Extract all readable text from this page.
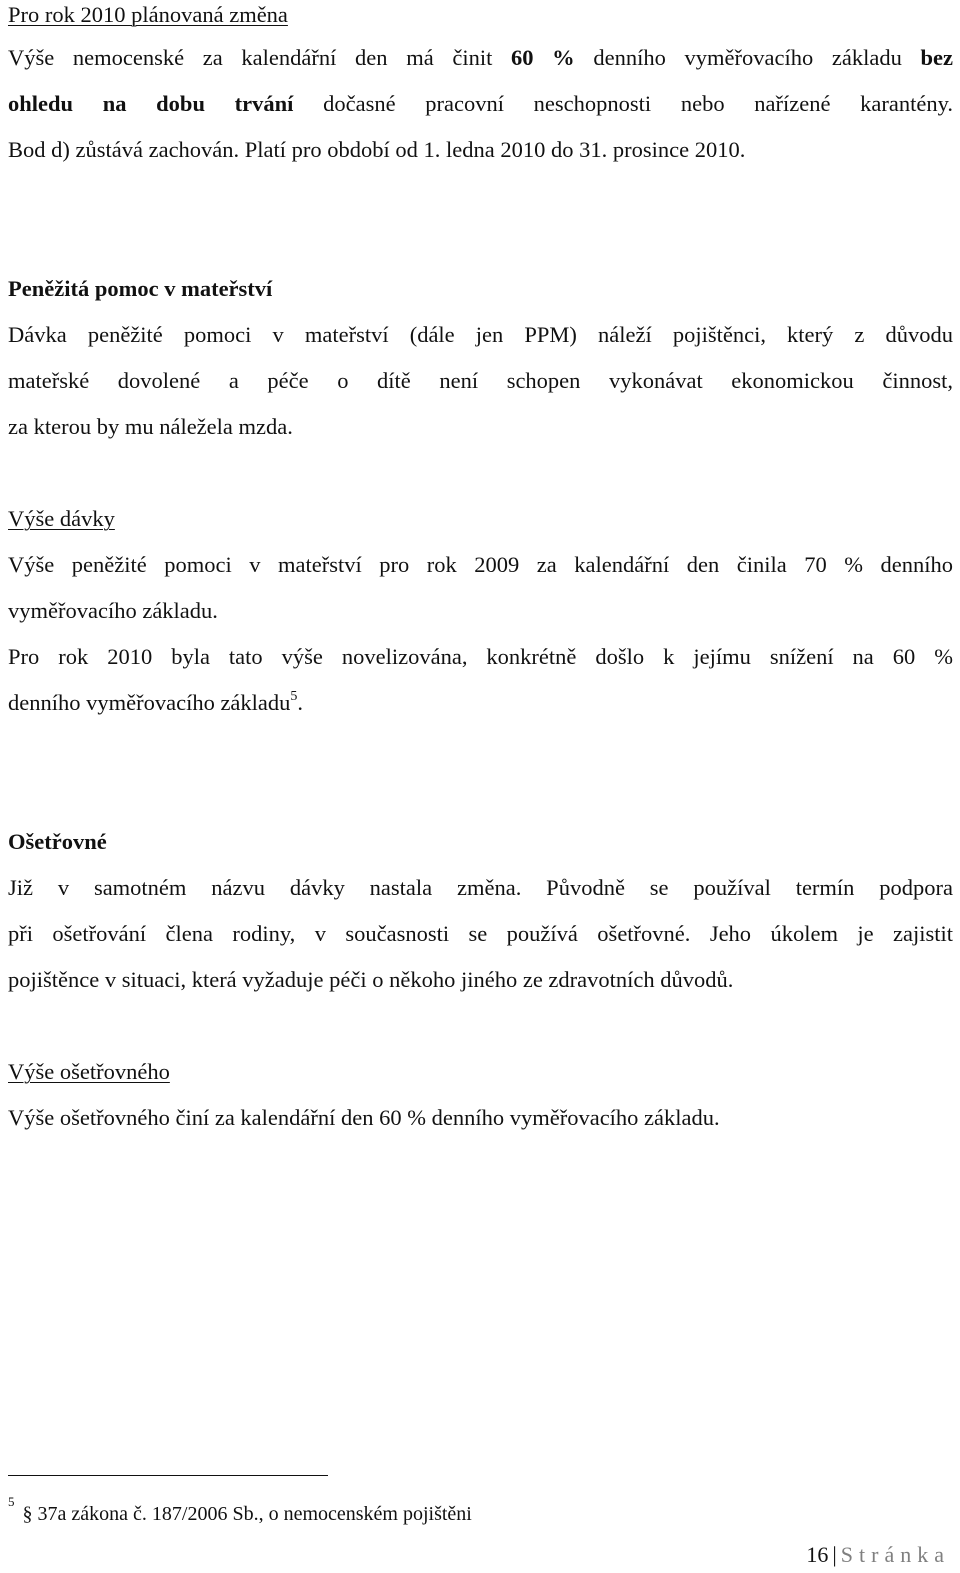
Pro rok 2010 plánovaná změna
Výše nemocenské za kalendářní den má činit 60 % denního vyměřovacího základu bez
ohledu na dobu trvání dočasné pracovní neschopnosti nebo nařízené karantény.
Bod d) zůstává zachován. Platí pro období od 1. ledna 2010 do 31. prosince 2010.
Peněžitá pomoc v mateřství
Dávka peněžité pomoci v mateřství (dále jen PPM) náleží pojištěnci, který z důvodu
mateřské dovolené a péče o dítě není schopen vykonávat ekonomickou činnost,
za kterou by mu náležela mzda.
Výše dávky
Výše peněžité pomoci v mateřství pro rok 2009 za kalendářní den činila 70 % denního
vyměřovacího základu.
Pro rok 2010 byla tato výše novelizována, konkrétně došlo k jejímu snížení na 60 %
denního vyměřovacího základu$^5$.
Ošetřovné
Již v samotném názvu dávky nastala změna. Původně se používal termín podpora
při ošetřování člena rodiny, v současnosti se používá ošetřovné. Jeho úkolem je zajistit
pojištěnce v situaci, která vyžaduje péči o někoho jiného ze zdravotních důvodů.
Výše ošetřovného
Výše ošetřovného činí za kalendářní den 60 % denního vyměřovacího základu.
$^5$§ 37a zákona č. 187/2006 Sb., o nemocenském pojištěni
16 | Stránka
